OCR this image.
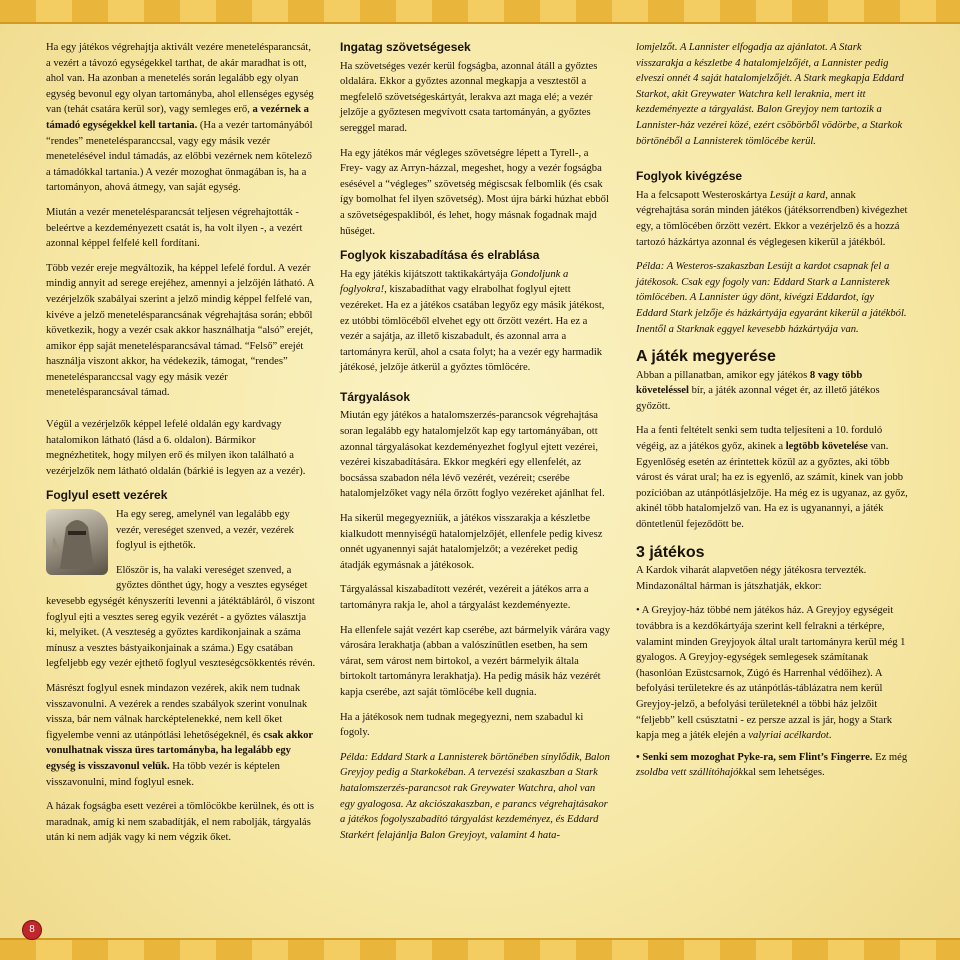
Ha egy játékos végrehajtja aktivált vezére menetelésparancsát, a vezért a távozó egységekkel tarthat, de akár maradhat is ott, ahol van. Ha azonban a menetelés során legalább egy olyan egység bevonul egy olyan tartományba, ahol ellenséges egység van (tehát csatára kerül sor), vagy semleges erő, a vezérnek a támadó egységekkel kell tartania. (Ha a vezér tartományából “rendes” menetelésparanccsal, vagy egy másik vezér menetelésével indul támadás, az előbbi vezérnek nem kötelező a támadókkal tartania.) A vezér mozoghat önmagában is, ha a tartományon, ahová átmegy, van saját egység.

Miután a vezér menetelésparancsát teljesen végrehajtották - beleértve a kezdeményezett csatát is, ha volt ilyen -, a vezért azonnal képpel felfelé kell fordítani.

Több vezér ereje megváltozik, ha képpel lefelé fordul. A vezér mindig annyit ad serege erejéhez, amennyi a jelzőjén látható. A vezérjelzők szabályai szerint a jelző mindig képpel felfelé van, kivéve a jelző menetelésparancsának végrehajtása során; ebből következik, hogy a vezér csak akkor használhatja “alsó” erejét, amikor épp saját menetelésparancsával támad. “Felső” erejét használja viszont akkor, ha védekezik, támogat, “rendes” menetelésparanccsal vagy egy másik vezér menetelésparancsával támad.

Végül a vezérjelzők képpel lefelé oldalán egy kardvagy hatalomikon látható (lásd a 6. oldalon). Bármikor megnézhetitek, hogy milyen erő és milyen ikon található a vezérjelzők nem látható oldalán (bárkié is legyen az a vezér).

Foglyul esett vezérek

Ha egy sereg, amelynél van legalább egy vezér, vereséget szenved, a vezér, vezérek foglyul is ejthetők.

Először is, ha valaki vereséget szenved, a győztes dönthet úgy, hogy a vesztes egységet kevesebb egységét kényszeríti levenni a játéktábláról, ő viszont foglyul ejti a vesztes sereg egyik vezérét - a győztes választja ki, melyiket. (A veszteség a győztes kardikonjainak a száma mínusz a vesztes bástyaikonjainak a száma.) Egy csatában legfeljebb egy vezér ejthető foglyul veszteségcsökkentés révén.

Másrészt foglyul esnek mindazon vezérek, akik nem tudnak visszavonulni. A vezérek a rendes szabályok szerint vonulnak vissza, bár nem válnak harcképtelenekké, nem kell őket figyelembe venni az utánpótlási lehetőségeknél, és csak akkor vonulhatnak vissza üres tartományba, ha legalább egy egység is visszavonul velük. Ha több vezér is képtelen visszavonulni, mind foglyul esnek.

A házak fogságba esett vezérei a tömlöcökbe kerülnek, és ott is maradnak, amíg ki nem szabadítják, el nem rabolják, tárgyalás után ki nem adják vagy ki nem végzik őket.

Ingatag szövetségesek

Ha szövetséges vezér kerül fogságba, azonnal átáll a győztes oldalára. Ekkor a győztes azonnal megkapja a vesztestől a megfelelő szövetségeskártyát, lerakva azt maga elé; a vezér jelzője a győztesen megvívott csata tartományán, a győztes sereggel marad.

Ha egy játékos már végleges szövetségre lépett a Tyrell-, a Frey- vagy az Arryn-házzal, megeshet, hogy a vezér fogságba esésével a “végleges” szövetség mégiscsak felbomlik (és csak így bomolhat fel ilyen szövetség). Most újra bárki húzhat ebből a szövetségespakliból, és lehet, hogy másnak fogadnak majd hűséget.

Foglyok kiszabadítása és elrablása

Ha egy játékis kijátszott taktikakártyája Gondoljunk a foglyokra!, kiszabadíthat vagy elrabolhat foglyul ejtett vezéreket. Ha ez a játékos csatában legyőz egy másik játékost, ez utóbbi tömlöcéből elvehet egy ott őrzött vezért. Ha ez a vezér a sajátja, az illető kiszabadult, és azonnal arra a tartományra kerül, ahol a csata folyt; ha a vezér egy harmadik játékosé, jelzője átkerül a győztes tömlöcére.

Tárgyalások

Miután egy játékos a hatalomszerzés-parancsok végrehajtása soran legalább egy hatalomjelzőt kap egy tartományában, ott azonnal tárgyalásokat kezdeményezhet foglyul ejtett vezérei, vezérei kiszabadítására. Ekkor megkéri egy ellenfelét, az bocsássa szabadon néla lévő vezérét, vezéreit; cserébe hatalomjelzőket vagy néla őrzött foglyo vezéreket ajánlhat fel.

Ha sikerül megegyezniük, a játékos visszarakja a készletbe kialkudott mennyiségű hatalomjelzőjét, ellenfele pedig kivesz onnét ugyanennyi saját hatalomjelzőt; a vezéreket pedig átadják egymásnak a játékosok.

Tárgyalással kiszabadított vezérét, vezéreit a játékos arra a tartományra rakja le, ahol a tárgyalást kezdeményezte.

Ha ellenfele saját vezért kap cserébe, azt bármelyik várára vagy városára lerakhatja (abban a valószínűtlen esetben, ha sem várat, sem várost nem birtokol, a vezért bármelyik általa birtokolt tartományra lerakhatja). Ha pedig másik ház vezérét kapja cserébe, azt saját tömlöcébe kell dugnia.

Ha a játékosok nem tudnak megegyezni, nem szabadul ki fogoly.

Példa: Eddard Stark a Lannisterek börtönében sínylődik, Balon Greyjoy pedig a Starkokéban. A tervezési szakaszban a Stark hatalomszerzés-parancsot rak Greywater Watchra, ahol van egy gyalogosa. Az akciószakaszban, e parancs végrehajtásakor a játékos fogolyszabadító tárgyalást kezdeményez, és Eddard Starkért felajánlja Balon Greyjoyt, valamint 4 hata-

lomjelzőt. A Lannister elfogadja az ajánlatot. A Stark visszarakja a készletbe 4 hatalomjelzőjét, a Lannister pedig elveszi onnét 4 saját hatalomjelzőjét. A Stark megkapja Eddard Starkot, akit Greywater Watchra kell leraknia, mert itt kezdeményezte a tárgyalást. Balon Greyjoy nem tartozik a Lannister-ház vezérei közé, ezért csöbörből vödörbe, a Starkok börtönéből a Lannisterek tömlöcébe kerül.

Foglyok kivégzése

Ha a felcsapott Westeroskártya Lesújt a kard, annak végrehajtása során minden játékos (játéksorrendben) kivégezhet egy, a tömlöcében őrzött vezért. Ekkor a vezérjelző és a hozzá tartozó házkártya azonnal és véglegesen kikerül a játékból.

Példa: A Westeros-szakaszban Lesújt a kardot csapnak fel a játékosok. Csak egy fogoly van: Eddard Stark a Lannisterek tömlöcében. A Lannister úgy dönt, kivégzi Eddardot, így Eddard Stark jelzője és házkártyája egyaránt kikerül a játékból. Inentől a Starknak eggyel kevesebb házkártyája van.

A játék megyerése

Abban a pillanatban, amikor egy játékos 8 vagy több követeléssel bír, a játék azonnal véget ér, az illető játékos győzött.

Ha a fenti feltételt senki sem tudta teljesíteni a 10. forduló végéig, az a játékos győz, akinek a legtöbb követelése van. Egyenlőség esetén az érintettek közül az a győztes, aki több várost és várat ural; ha ez is egyenlő, az számít, kinek van jobb pozícióban az utánpótlásjelzője. Ha még ez is ugyanaz, az győz, akinél több hatalomjelző van. Ha ez is ugyanannyi, a játék döntetlenül fejeződött be.

3 játékos

A Kardok viharát alapvetően négy játékosra tervezték. Mindazonáltal hárman is játszhatják, ekkor:

• A Greyjoy-ház többé nem játékos ház. A Greyjoy egységeit továbbra is a kezdőkártyája szerint kell felrakni a térképre, valamint minden Greyjoyok által uralt tartományra kerül még 1 gyalogos. A Greyjoy-egységek semlegesek számítanak (hasonlóan Ezüstcsarnok, Zúgó és Harrenhal védőihez). A befolyási területekre és az utánpótlás-táblázatra nem kerül Greyjoy-jelző, a befolyási területeknél a többi ház jelzőit “feljebb” kell csúsztatni - ez persze azzal is jár, hogy a Stark kapja meg a játék elején a valyriai acélkardot.
• Senki sem mozoghat Pyke-ra, sem Flint’s Fingerre. Ez még zsoldba vett szállítóhajókkal sem lehetséges.
8
